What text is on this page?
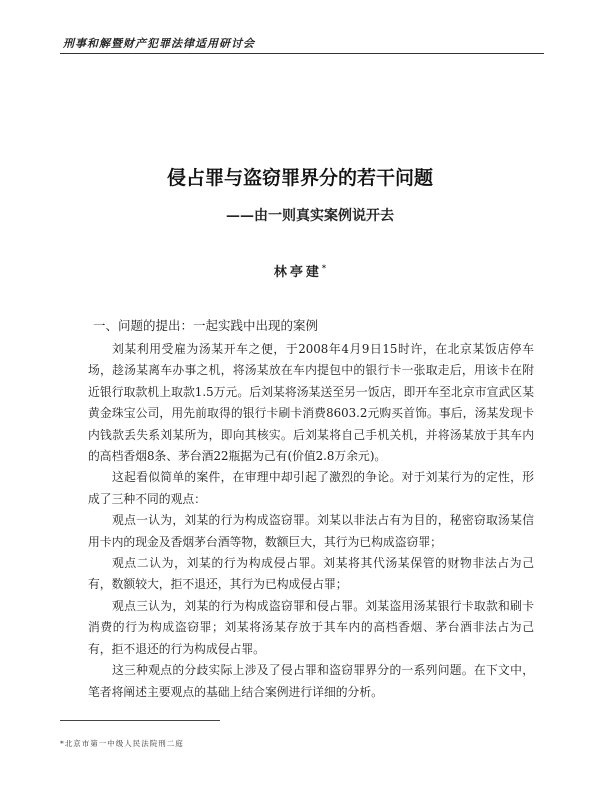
刑事和解暨财产犯罪法律适用研讨会
侵占罪与盗窃罪界分的若干问题
——由一则真实案例说开去
林亭建*
一、问题的提出：一起实践中出现的案例

刘某利用受雇为汤某开车之便，于2008年4月9日15时许，在北京某饭店停车场，趁汤某离车办事之机，将汤某放在车内提包中的银行卡一张取走后，用该卡在附近银行取款机上取款1.5万元。后刘某将汤某送至另一饭店，即开车至北京市宣武区某黄金珠宝公司，用先前取得的银行卡刷卡消费8603.2元购买首饰。事后，汤某发现卡内钱款丢失系刘某所为，即向其核实。后刘某将自己手机关机，并将汤某放于其车内的高档香烟8条、茅台酒22瓶据为己有(价值2.8万余元)。

这起看似简单的案件，在审理中却引起了激烈的争论。对于刘某行为的定性，形成了三种不同的观点：

观点一认为，刘某的行为构成盗窃罪。刘某以非法占有为目的，秘密窃取汤某信用卡内的现金及香烟茅台酒等物，数额巨大，其行为已构成盗窃罪；

观点二认为，刘某的行为构成侵占罪。刘某将其代汤某保管的财物非法占为己有，数额较大，拒不退还，其行为已构成侵占罪；

观点三认为，刘某的行为构成盗窃罪和侵占罪。刘某盗用汤某银行卡取款和刷卡消费的行为构成盗窃罪；刘某将汤某存放于其车内的高档香烟、茅台酒非法占为己有，拒不退还的行为构成侵占罪。

这三种观点的分歧实际上涉及了侵占罪和盗窃罪界分的一系列问题。在下文中，笔者将阐述主要观点的基础上结合案例进行详细的分析。

*北京市第一中级人民法院刑二庭
